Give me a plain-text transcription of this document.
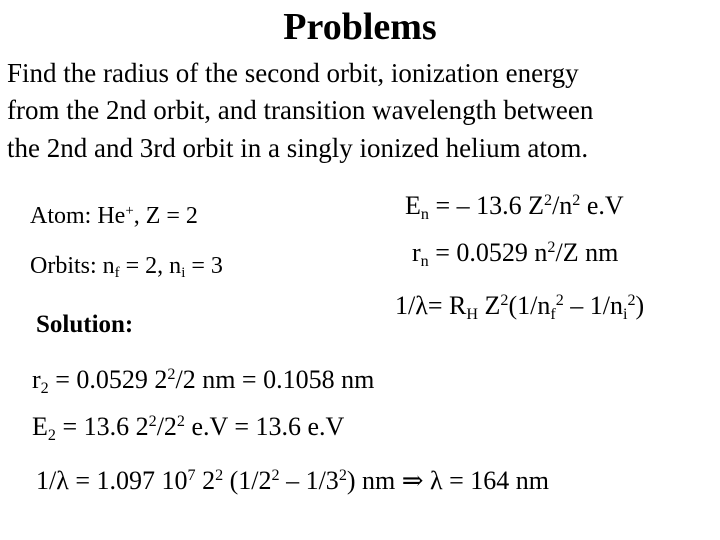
Problems
Find the radius of the second orbit, ionization energy
from the 2nd orbit, and transition wavelength between
the 2nd and 3rd orbit in a singly ionized helium atom.
Atom: He+, Z = 2
Orbits: $n_f = 2$, $n_i = 3$
Solution:
$E_n$ = – 13.6 $Z^2/n^2$ e.V
$r_n = 0.0529$ $n^2/Z$ nm
$1/\lambda= R_H$ $Z^2(1/n_f^2 - 1/n_i^2)$
$r_2 = 0.0529$ $2^2/2$ nm = 0.1058 nm
$E_2 = 13.6$ $2^2/2^2$ e.V = 13.6 e.V
1/λ = 1.097 $10^7$ $2^2$ $(1/2^2 - 1/3^2)$ nm ⇒ λ = 164 nm
